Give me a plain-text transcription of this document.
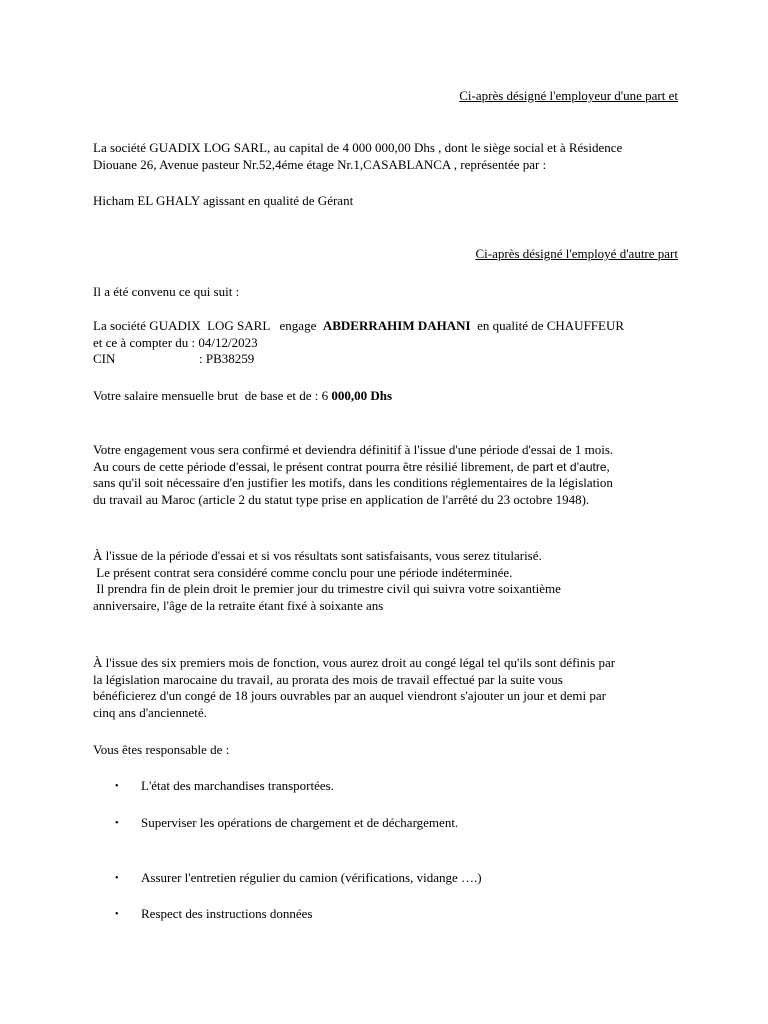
Ci-après désigné l'employeur d'une part et

La société GUADIX LOG SARL, au capital de 4 000 000,00 Dhs , dont le siège social et à Résidence
Diouane 26, Avenue pasteur Nr.52,4éme étage Nr.1,CASABLANCA , représentée par :

Hicham EL GHALY agissant en qualité de Gérant

Ci-après désigné l'employé d'autre part

Il a été convenu ce qui suit :

La société GUADIX  LOG SARL   engage  ABDERRAHIM DAHANI  en qualité de CHAUFFEUR
et ce à compter du : 04/12/2023
CIN	: PB38259

Votre salaire mensuelle brut  de base et de : 6 000,00 Dhs

Votre engagement vous sera confirmé et deviendra définitif à l'issue d'une période d'essai de 1 mois.
Au cours de cette période d’essai, le présent contrat pourra être résilié librement, de part et d’autre,
sans qu'il soit nécessaire d'en justifier les motifs, dans les conditions réglementaires de la législation
du travail au Maroc (article 2 du statut type prise en application de l'arrêté du 23 octobre 1948).

À l'issue de la période d'essai et si vos résultats sont satisfaisants, vous serez titularisé.
Le présent contrat sera considéré comme conclu pour une période indéterminée.
Il prendra fin de plein droit le premier jour du trimestre civil qui suivra votre soixantième
anniversaire, l'âge de la retraite étant fixé à soixante ans

À l'issue des six premiers mois de fonction, vous aurez droit au congé légal tel qu'ils sont définis par
la législation marocaine du travail, au prorata des mois de travail effectué par la suite vous
bénéficierez d'un congé de 18 jours ouvrables par an auquel viendront s'ajouter un jour et demi par
cinq ans d'ancienneté.

Vous êtes responsable de :

• L'état des marchandises transportées.
• Superviser les opérations de chargement et de déchargement.
• Assurer l'entretien régulier du camion (vérifications, vidange ….)
• Respect des instructions données
